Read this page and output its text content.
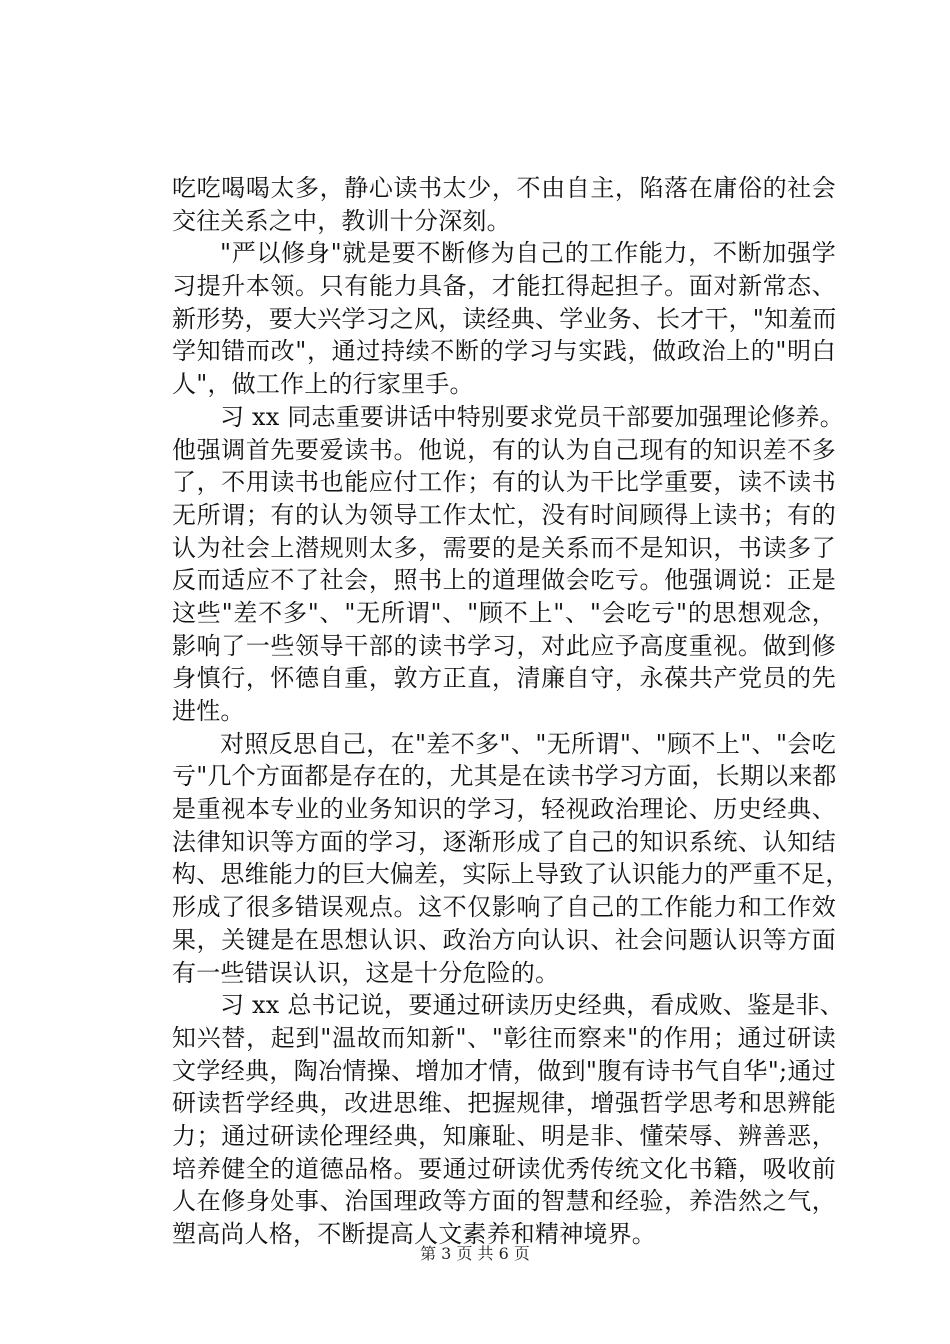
吃吃喝喝太多，静心读书太少，不由自主，陷落在庸俗的社会
交往关系之中，教训十分深刻。
"严以修身"就是要不断修为自己的工作能力，不断加强学
习提升本领。只有能力具备，才能扛得起担子。面对新常态、
新形势，要大兴学习之风，读经典、学业务、长才干，"知羞而
学知错而改"，通过持续不断的学习与实践，做政治上的"明白
人"，做工作上的行家里手。
习 xx 同志重要讲话中特别要求党员干部要加强理论修养。
他强调首先要爱读书。他说，有的认为自己现有的知识差不多
了，不用读书也能应付工作；有的认为干比学重要，读不读书
无所谓；有的认为领导工作太忙，没有时间顾得上读书；有的
认为社会上潜规则太多，需要的是关系而不是知识，书读多了
反而适应不了社会，照书上的道理做会吃亏。他强调说：正是
这些"差不多"、"无所谓"、"顾不上"、"会吃亏"的思想观念，
影响了一些领导干部的读书学习，对此应予高度重视。做到修
身慎行，怀德自重，敦方正直，清廉自守，永葆共产党员的先
进性。
对照反思自己，在"差不多"、"无所谓"、"顾不上"、"会吃
亏"几个方面都是存在的，尤其是在读书学习方面，长期以来都
是重视本专业的业务知识的学习，轻视政治理论、历史经典、
法律知识等方面的学习，逐渐形成了自己的知识系统、认知结
构、思维能力的巨大偏差，实际上导致了认识能力的严重不足，
形成了很多错误观点。这不仅影响了自己的工作能力和工作效
果，关键是在思想认识、政治方向认识、社会问题认识等方面
有一些错误认识，这是十分危险的。
习 xx 总书记说，要通过研读历史经典，看成败、鉴是非、
知兴替，起到"温故而知新"、"彰往而察来"的作用；通过研读
文学经典，陶冶情操、增加才情，做到"腹有诗书气自华";通过
研读哲学经典，改进思维、把握规律，增强哲学思考和思辨能
力；通过研读伦理经典，知廉耻、明是非、懂荣辱、辨善恶，
培养健全的道德品格。要通过研读优秀传统文化书籍，吸收前
人在修身处事、治国理政等方面的智慧和经验，养浩然之气，
塑高尚人格，不断提高人文素养和精神境界。
第 3 页 共 6 页
